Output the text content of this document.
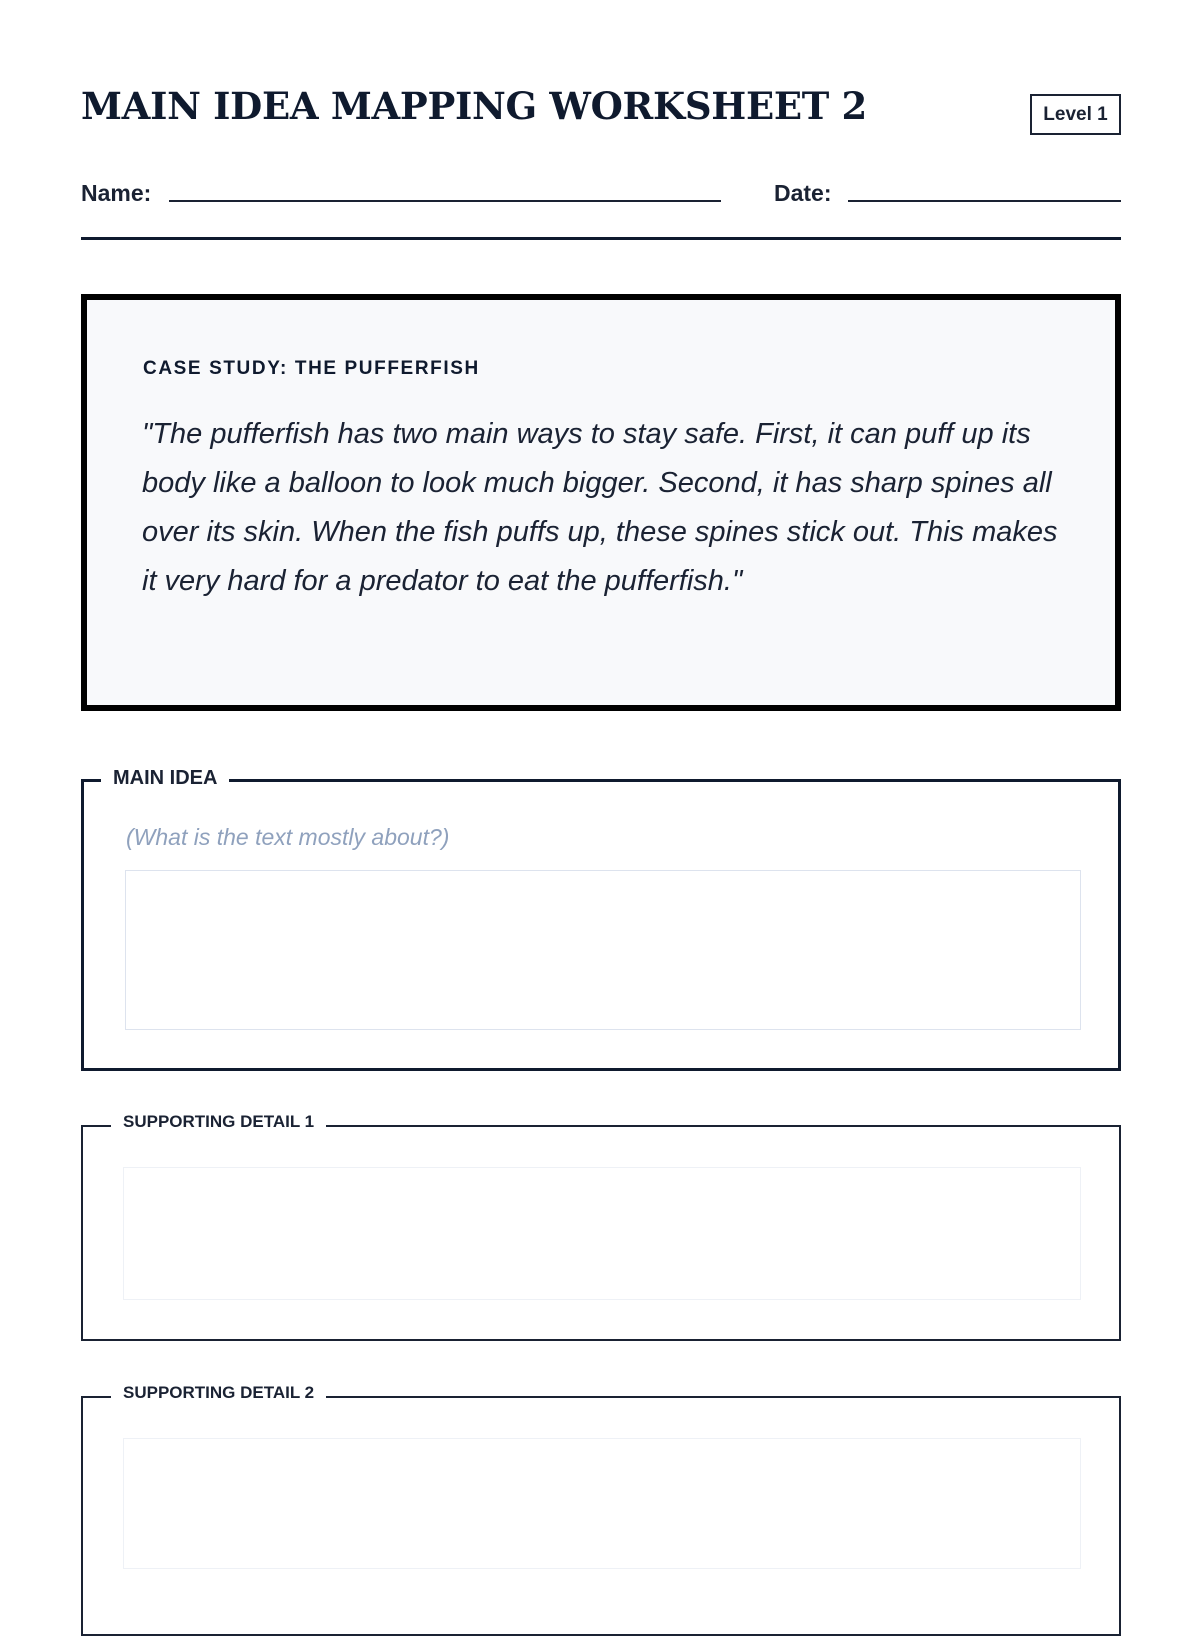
MAIN IDEA MAPPING WORKSHEET 2	Level 1
Name:	Date:
CASE STUDY: THE PUFFERFISH

"The pufferfish has two main ways to stay safe. First, it can puff up its body like a balloon to look much bigger. Second, it has sharp spines all over its skin. When the fish puffs up, these spines stick out. This makes it very hard for a predator to eat the pufferfish."

MAIN IDEA
(What is the text mostly about?)
SUPPORTING DETAIL 1
SUPPORTING DETAIL 2
